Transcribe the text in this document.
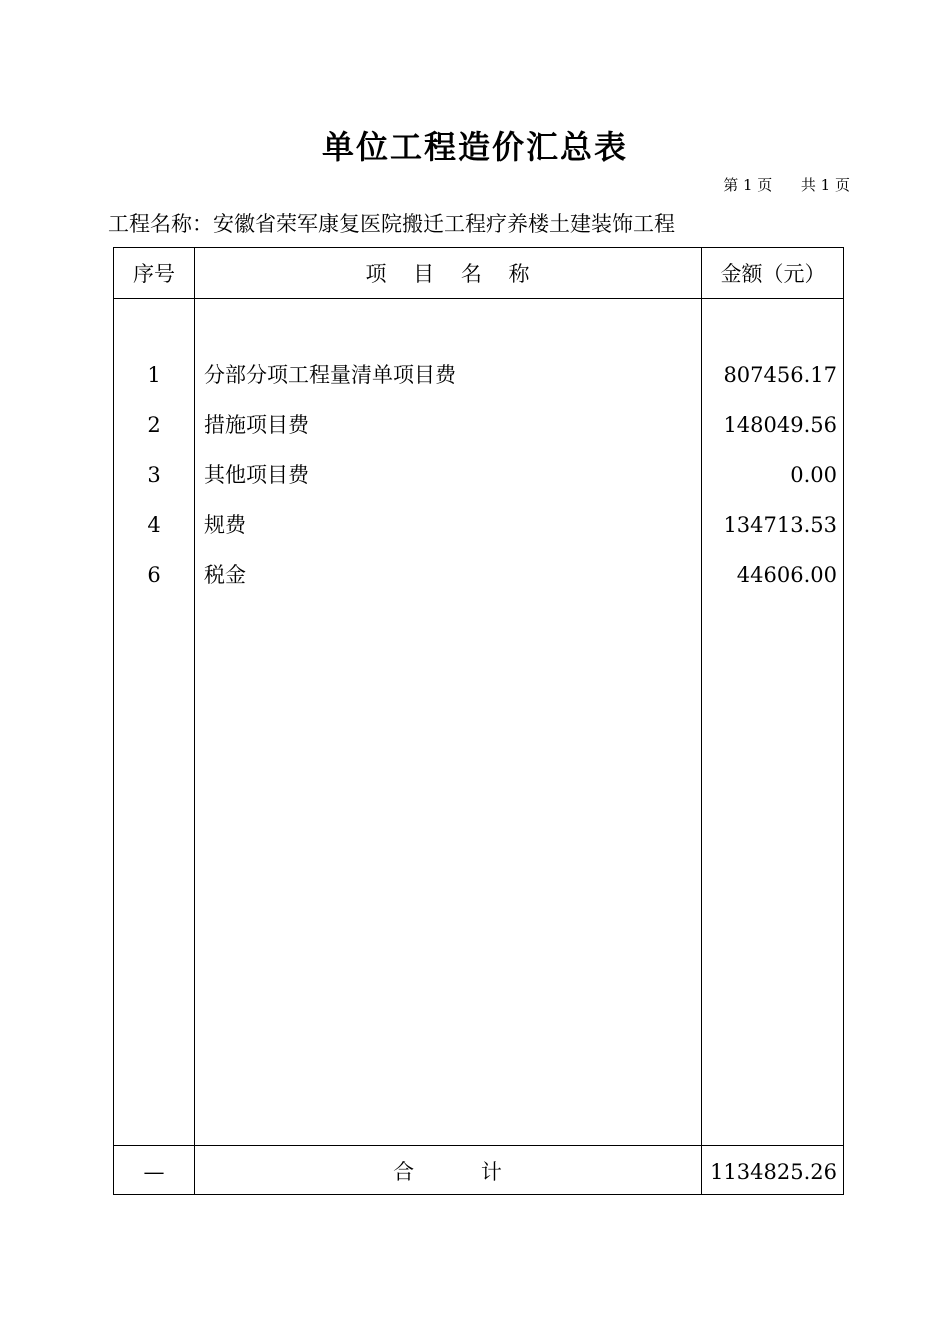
单位工程造价汇总表
第 1 页      共 1 页
工程名称：安徽省荣军康复医院搬迁工程疗养楼土建装饰工程
序号	项    目    名    称	金额（元）
1	分部分项工程量清单项目费	807456.17
2	措施项目费	148049.56
3	其他项目费	0.00
4	规费	134713.53
6	税金	44606.00
—	合          计	1134825.26
